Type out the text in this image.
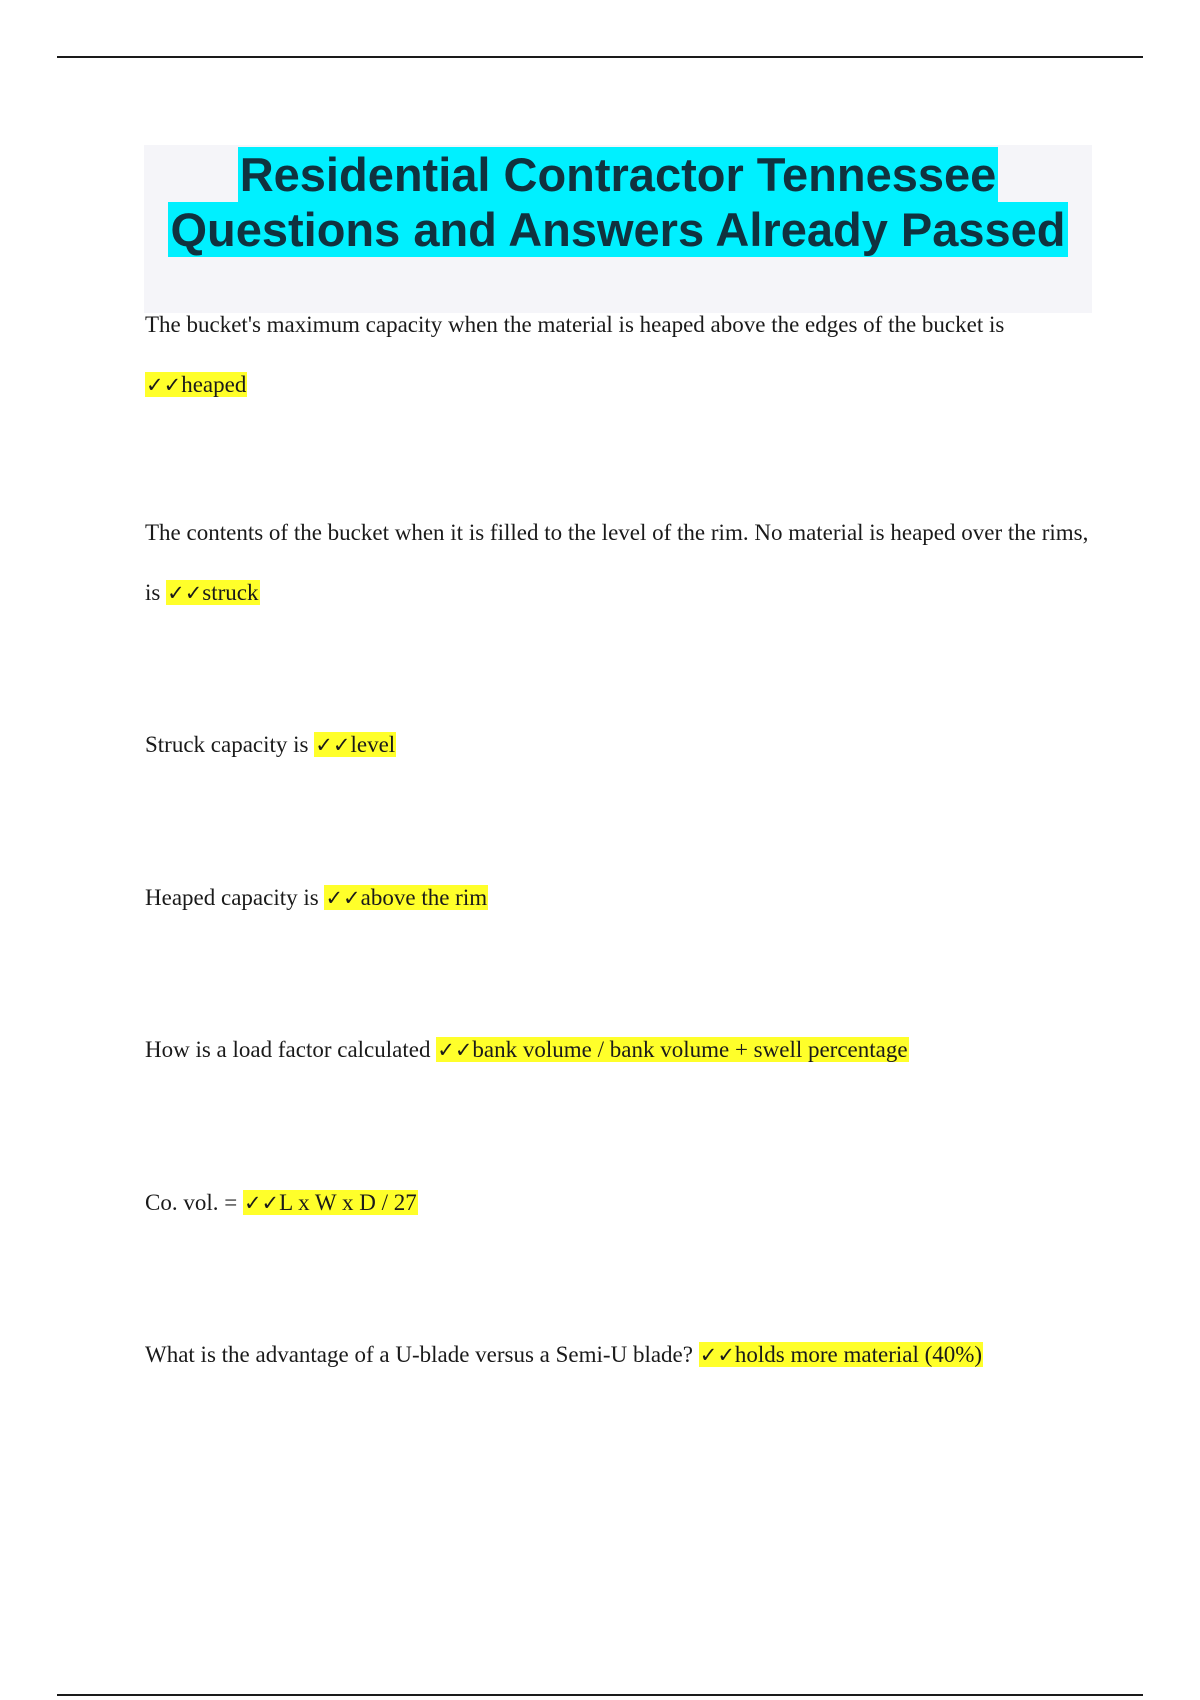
Residential Contractor Tennessee
Questions and Answers Already Passed

The bucket's maximum capacity when the material is heaped above the edges of the bucket is
✓✓heaped

The contents of the bucket when it is filled to the level of the rim. No material is heaped over the rims, is ✓✓struck

Struck capacity is ✓✓level

Heaped capacity is ✓✓above the rim

How is a load factor calculated ✓✓bank volume / bank volume + swell percentage

Co. vol. = ✓✓L x W x D / 27

What is the advantage of a U-blade versus a Semi-U blade? ✓✓holds more material (40%)
